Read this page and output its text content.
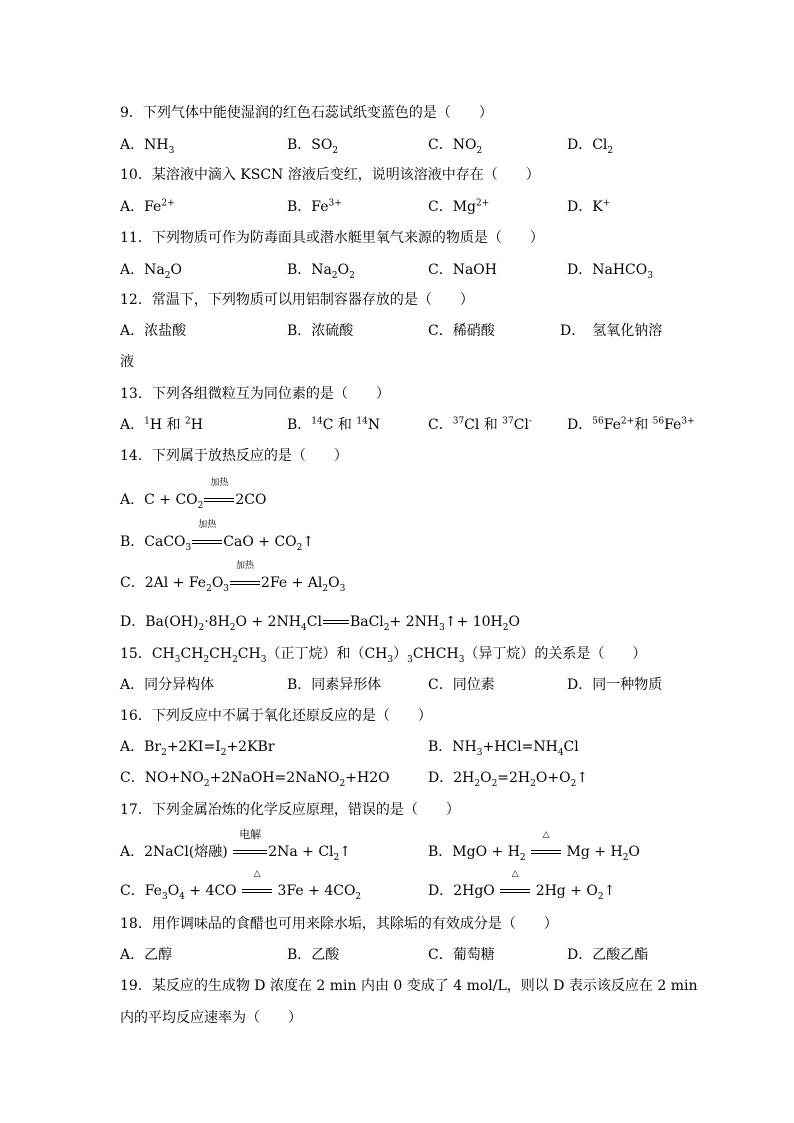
9．下列气体中能使湿润的红色石蕊试纸变蓝色的是（　　）
A．$NH_3$	B．$SO_2$	C．$NO_2$	D．$Cl_2$
10．某溶液中滴入 KSCN 溶液后变红，说明该溶液中存在（　　）
A．$Fe^{2+}$	B．$Fe^{3+}$	C．$Mg^{2+}$	D．K+
11．下列物质可作为防毒面具或潜水艇里氧气来源的物质是（　　）
A．$Na_2O$	B．$Na_2O_2$	C．NaOH	D．NaHCO$_3$
12．常温下，下列物质可以用铝制容器存放的是（　　）
A．浓盐酸	B．浓硫酸	C．稀硝酸	D．　氢氧化钠溶
液
13．下列各组微粒互为同位素的是（　　）
A．$^1$H 和 $^2$H	B．$^{14}$C 和 $^{14}$N	C．$^{37}$Cl 和 $^{37}$Cl-	D．$^{56}Fe^{2+}$和 $^{56}Fe^{3+}$
14．下列属于放热反应的是（　　）
A．$C + CO_2$
加热
2CO
B．CaCO$_3$
加热
CaO + $CO_2↑$
C．$2Al + Fe_2O_3$
加热
$2Fe + Al_2O_3$
D．$Ba(OH)_2\cdot 8H_2O + 2NH_4Cl$ BaCl$_2$+ $2NH_3↑+ 10H_2O$
15．$CH_3CH_2CH_2CH_3$（正丁烷）和$(CH_3)_3CHCH_3$（异丁烷）的关系是（　　）
A．同分异构体	B．同素异形体	C．同位素	D．同一种物质
16．下列反应中不属于氧化还原反应的是（　　）
A．$Br_2+2KI=I_2+2KBr$	B．$NH_3+HCl=NH_4Cl$
C．$NO+NO_2+2NaOH=2NaNO_2+H2O$	D．$2H_2O_2=2H_2O+O_2↑$
17．下列金属冶炼的化学反应原理，错误的是（　　）
A．2NaCl(熔融)
电解
$2Na + Cl_2↑$	B．MgO + $H_2$
△
$Mg + H_2O$
C．$Fe_3O_4 + 4CO$
△
$3Fe + 4CO_2$	D．2HgO
△
$2Hg + O_2↑$
18．用作调味品的食醋也可用来除水垢，其除垢的有效成分是（　　）
A．乙醇	B．乙酸	C．葡萄糖	D．乙酸乙酯
19．某反应的生成物 D 浓度在 2 min 内由 0 变成了 4 mol/L，则以 D 表示该反应在 2 min
内的平均反应速率为（　　）
